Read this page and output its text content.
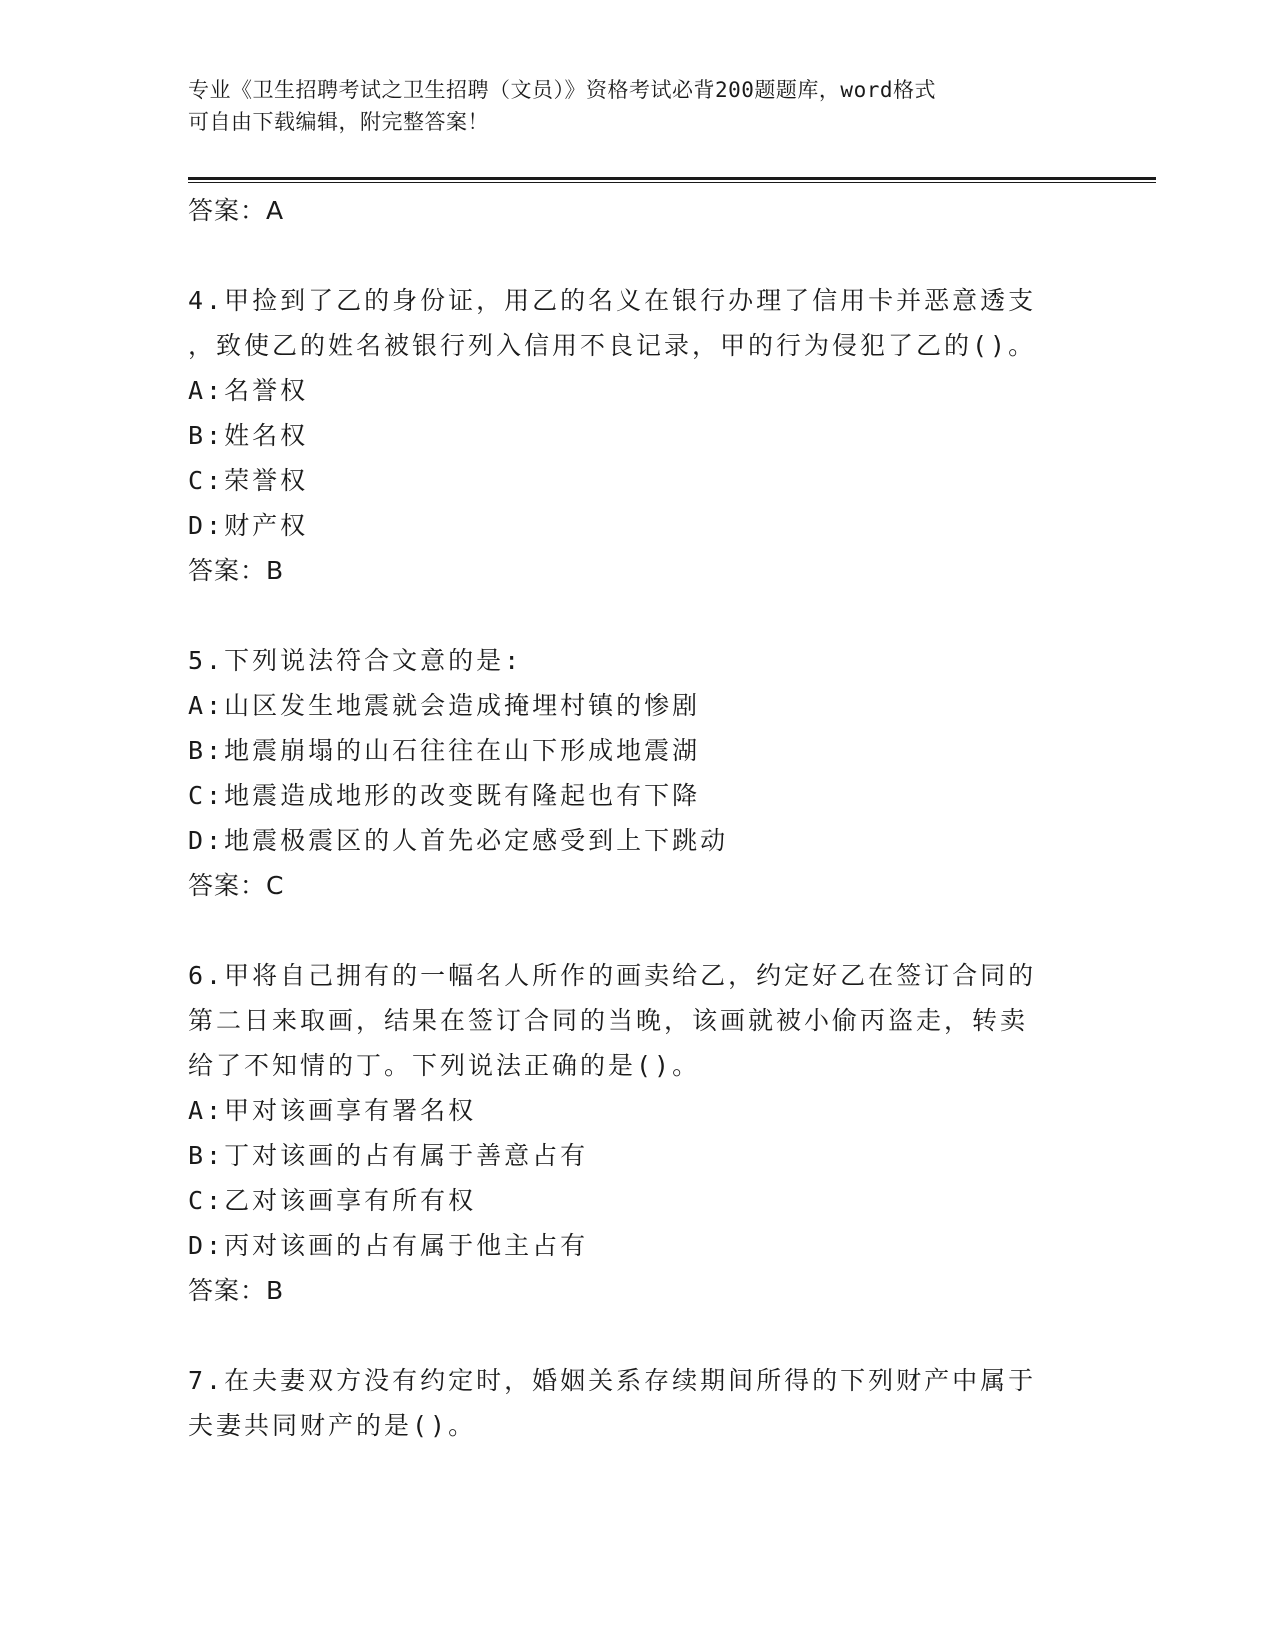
专业《卫生招聘考试之卫生招聘（文员）》资格考试必背200题题库，word格式
可自由下载编辑，附完整答案！
答案：A
4.甲捡到了乙的身份证，用乙的名义在银行办理了信用卡并恶意透支
，致使乙的姓名被银行列入信用不良记录，甲的行为侵犯了乙的()。
A:名誉权
B:姓名权
C:荣誉权
D:财产权
答案：B
5.下列说法符合文意的是:
A:山区发生地震就会造成掩埋村镇的惨剧
B:地震崩塌的山石往往在山下形成地震湖
C:地震造成地形的改变既有隆起也有下降
D:地震极震区的人首先必定感受到上下跳动
答案：C
6.甲将自己拥有的一幅名人所作的画卖给乙，约定好乙在签订合同的
第二日来取画，结果在签订合同的当晚，该画就被小偷丙盗走，转卖
给了不知情的丁。下列说法正确的是()。
A:甲对该画享有署名权
B:丁对该画的占有属于善意占有
C:乙对该画享有所有权
D:丙对该画的占有属于他主占有
答案：B
7.在夫妻双方没有约定时，婚姻关系存续期间所得的下列财产中属于
夫妻共同财产的是()。
